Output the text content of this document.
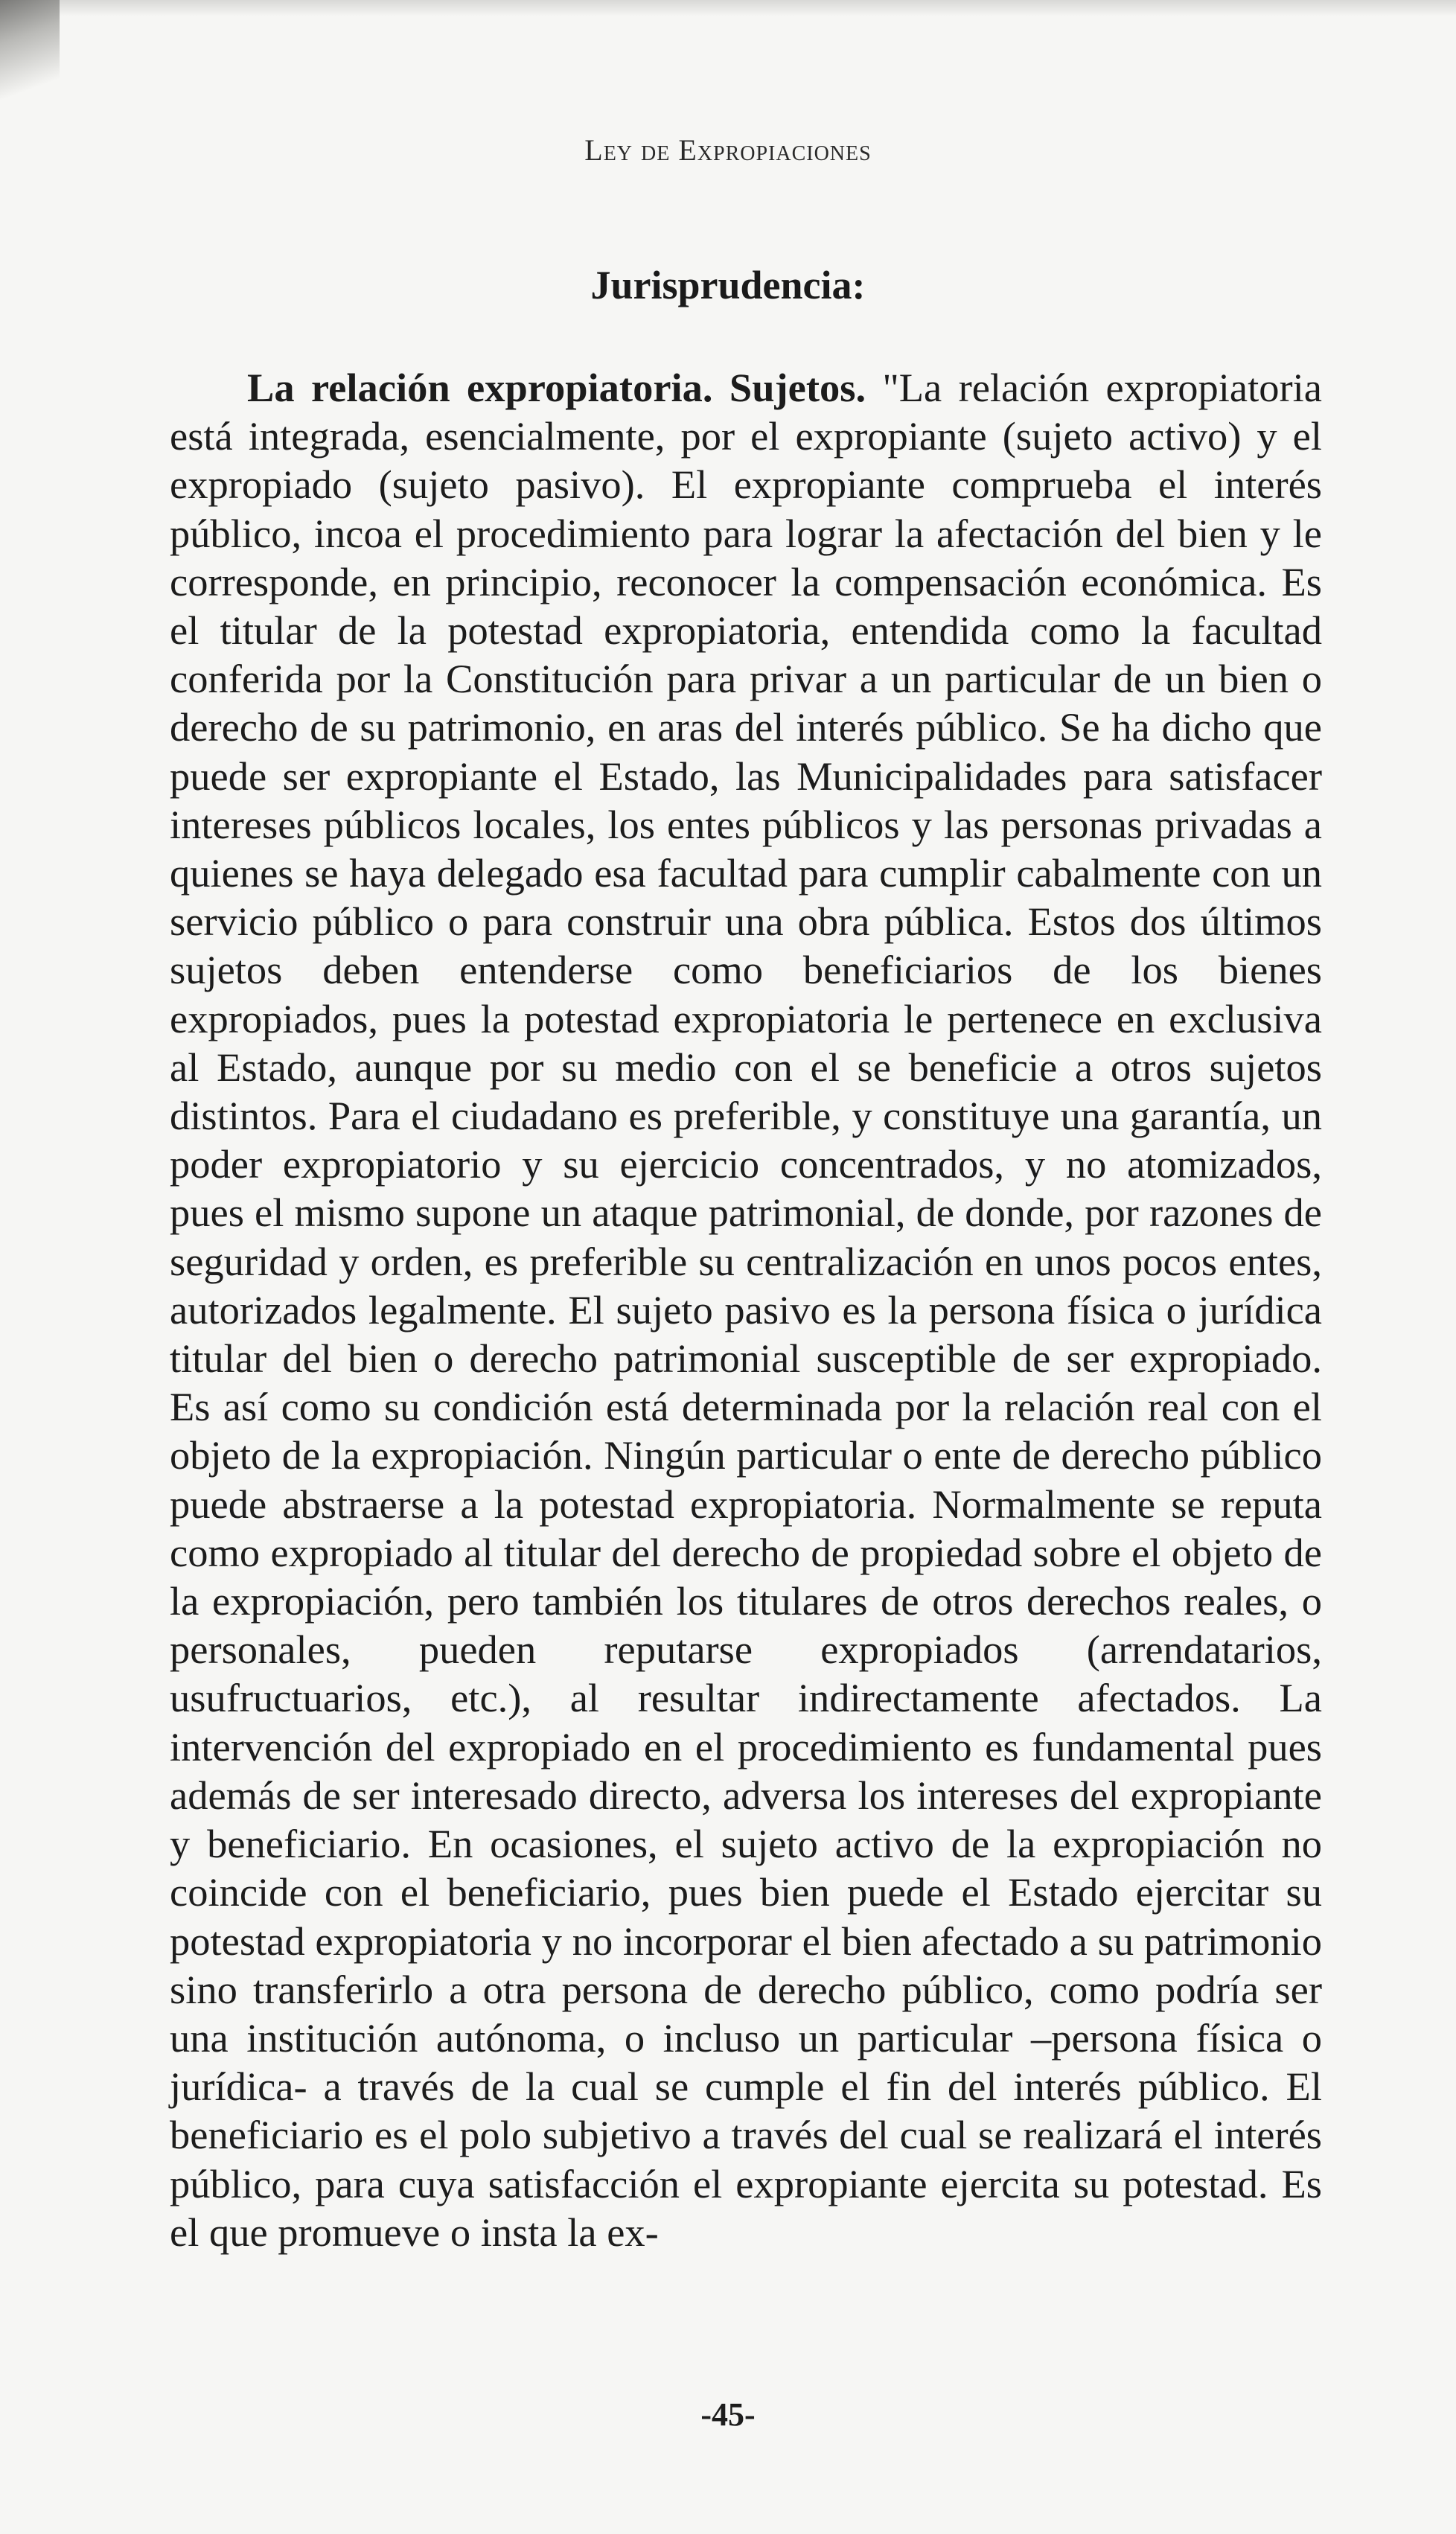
Ley de Expropiaciones
Jurisprudencia:

La relación expropiatoria. Sujetos. "La relación expropiatoria está integrada, esencialmente, por el expropiante (sujeto activo) y el expropiado (sujeto pasivo). El expropiante comprueba el interés público, incoa el procedimiento para lograr la afectación del bien y le corresponde, en principio, reconocer la compensación económica. Es el titular de la potestad expropiatoria, entendida como la facultad conferida por la Constitución para privar a un particular de un bien o derecho de su patrimonio, en aras del interés público. Se ha dicho que puede ser expropiante el Estado, las Municipalidades para satisfacer intereses públicos locales, los entes públicos y las personas privadas a quienes se haya delegado esa facultad para cumplir cabalmente con un servicio público o para construir una obra pública. Estos dos últimos sujetos deben entenderse como beneficiarios de los bienes expropiados, pues la potestad expropiatoria le pertenece en exclusiva al Estado, aunque por su medio con el se beneficie a otros sujetos distintos. Para el ciudadano es preferible, y constituye una garantía, un poder expropiatorio y su ejercicio concentrados, y no atomizados, pues el mismo supone un ataque patrimonial, de donde, por razones de seguridad y orden, es preferible su centralización en unos pocos entes, autorizados legalmente. El sujeto pasivo es la persona física o jurídica titular del bien o derecho patrimonial susceptible de ser expropiado. Es así como su condición está determinada por la relación real con el objeto de la expropiación. Ningún particular o ente de derecho público puede abstraerse a la potestad expropiatoria. Normalmente se reputa como expropiado al titular del derecho de propiedad sobre el objeto de la expropiación, pero también los titulares de otros derechos reales, o personales, pueden reputarse expropiados (arrendatarios, usufructuarios, etc.), al resultar indirectamente afectados. La intervención del expropiado en el procedimiento es fundamental pues además de ser interesado directo, adversa los intereses del expropiante y beneficiario. En ocasiones, el sujeto activo de la expropiación no coincide con el beneficiario, pues bien puede el Estado ejercitar su potestad expropiatoria y no incorporar el bien afectado a su patrimonio sino transferirlo a otra persona de derecho público, como podría ser una institución autónoma, o incluso un particular –persona física o jurídica- a través de la cual se cumple el fin del interés público. El beneficiario es el polo subjetivo a través del cual se realizará el interés público, para cuya satisfacción el expropiante ejercita su potestad. Es el que promueve o insta la ex-

-45-
